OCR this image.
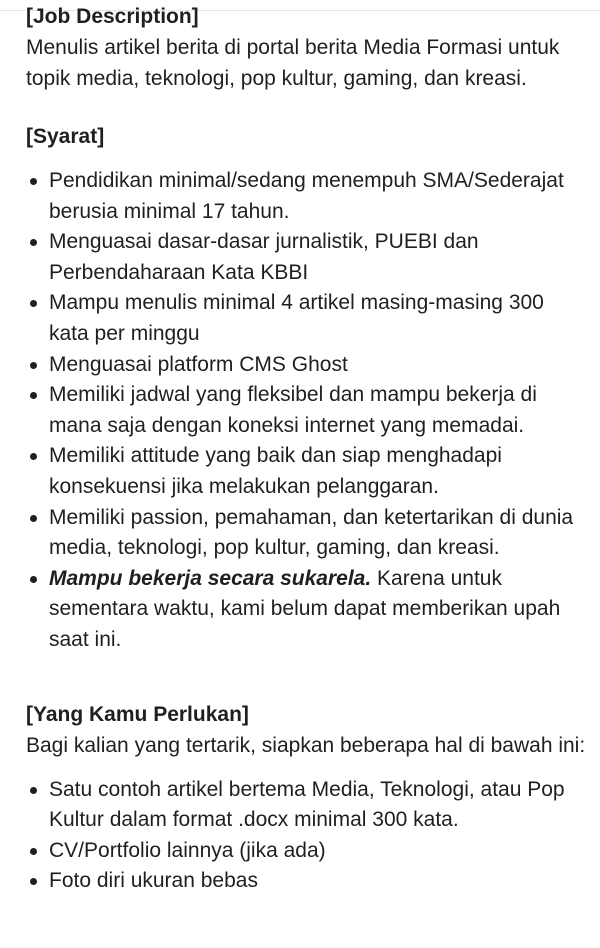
[Job Description]

Menulis artikel berita di portal berita Media Formasi untuk topik media, teknologi, pop kultur, gaming, dan kreasi.

[Syarat]
Pendidikan minimal/sedang menempuh SMA/Sederajat berusia minimal 17 tahun.
Menguasai dasar-dasar jurnalistik, PUEBI dan Perbendaharaan Kata KBBI
Mampu menulis minimal 4 artikel masing-masing 300 kata per minggu
Menguasai platform CMS Ghost
Memiliki jadwal yang fleksibel dan mampu bekerja di mana saja dengan koneksi internet yang memadai.
Memiliki attitude yang baik dan siap menghadapi konsekuensi jika melakukan pelanggaran.
Memiliki passion, pemahaman, dan ketertarikan di dunia media, teknologi, pop kultur, gaming, dan kreasi.
Mampu bekerja secara sukarela. Karena untuk sementara waktu, kami belum dapat memberikan upah saat ini.
[Yang Kamu Perlukan]

Bagi kalian yang tertarik, siapkan beberapa hal di bawah ini:

Satu contoh artikel bertema Media, Teknologi, atau Pop Kultur dalam format .docx minimal 300 kata.
CV/Portfolio lainnya (jika ada)
Foto diri ukuran bebas
